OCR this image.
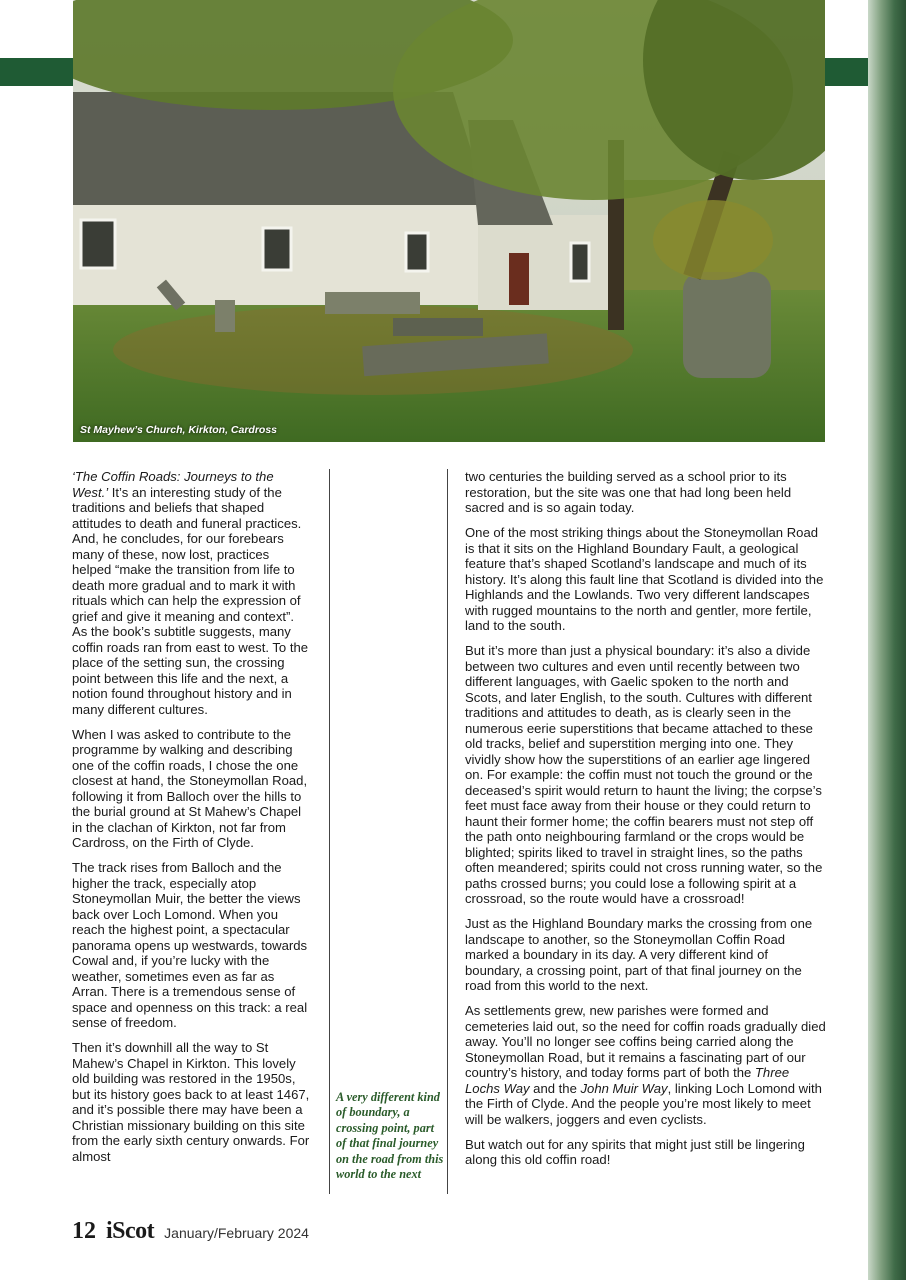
St Mayhew’s Church, Kirkton, Cardross

‘The Coffin Roads: Journeys to the West.’ It’s an interesting study of the traditions and beliefs that shaped attitudes to death and funeral practices. And, he concludes, for our forebears many of these, now lost, practices helped “make the transition from life to death more gradual and to mark it with rituals which can help the expression of grief and give it meaning and context”. As the book’s subtitle suggests, many coffin roads ran from east to west. To the place of the setting sun, the crossing point between this life and the next, a notion found throughout history and in many different cultures.

When I was asked to contribute to the programme by walking and describing one of the coffin roads, I chose the one closest at hand, the Stoneymollan Road, following it from Balloch over the hills to the burial ground at St Mahew’s Chapel in the clachan of Kirkton, not far from Cardross, on the Firth of Clyde.

The track rises from Balloch and the higher the track, especially atop Stoneymollan Muir, the better the views back over Loch Lomond. When you reach the highest point, a spectacular panorama opens up westwards, towards Cowal and, if you’re lucky with the weather, sometimes even as far as Arran. There is a tremendous sense of space and openness on this track: a real sense of freedom.

Then it’s downhill all the way to St Mahew’s Chapel in Kirkton. This lovely old building was restored in the 1950s, but its history goes back to at least 1467, and it’s possible there may have been a Christian missionary building on this site from the early sixth century onwards. For almost

A very different kind of boundary, a crossing point, part of that final journey on the road from this world to the next

two centuries the building served as a school prior to its restoration, but the site was one that had long been held sacred and is so again today.

One of the most striking things about the Stoneymollan Road is that it sits on the Highland Boundary Fault, a geological feature that’s shaped Scotland’s landscape and much of its history. It’s along this fault line that Scotland is divided into the Highlands and the Lowlands. Two very different landscapes with rugged mountains to the north and gentler, more fertile, land to the south.

But it’s more than just a physical boundary: it’s also a divide between two cultures and even until recently between two different languages, with Gaelic spoken to the north and Scots, and later English, to the south. Cultures with different traditions and attitudes to death, as is clearly seen in the numerous eerie superstitions that became attached to these old tracks, belief and superstition merging into one. They vividly show how the superstitions of an earlier age lingered on. For example: the coffin must not touch the ground or the deceased’s spirit would return to haunt the living; the corpse’s feet must face away from their house or they could return to haunt their former home; the coffin bearers must not step off the path onto neighbouring farmland or the crops would be blighted; spirits liked to travel in straight lines, so the paths often meandered; spirits could not cross running water, so the paths crossed burns; you could lose a following spirit at a crossroad, so the route would have a crossroad!

Just as the Highland Boundary marks the crossing from one landscape to another, so the Stoneymollan Coffin Road marked a boundary in its day. A very different kind of boundary, a crossing point, part of that final journey on the road from this world to the next.

As settlements grew, new parishes were formed and cemeteries laid out, so the need for coffin roads gradually died away. You’ll no longer see coffins being carried along the Stoneymollan Road, but it remains a fascinating part of our country’s history, and today forms part of both the Three Lochs Way and the John Muir Way, linking Loch Lomond with the Firth of Clyde. And the people you’re most likely to meet will be walkers, joggers and even cyclists.

But watch out for any spirits that might just still be lingering along this old coffin road!

12 iScot January/February 2024
